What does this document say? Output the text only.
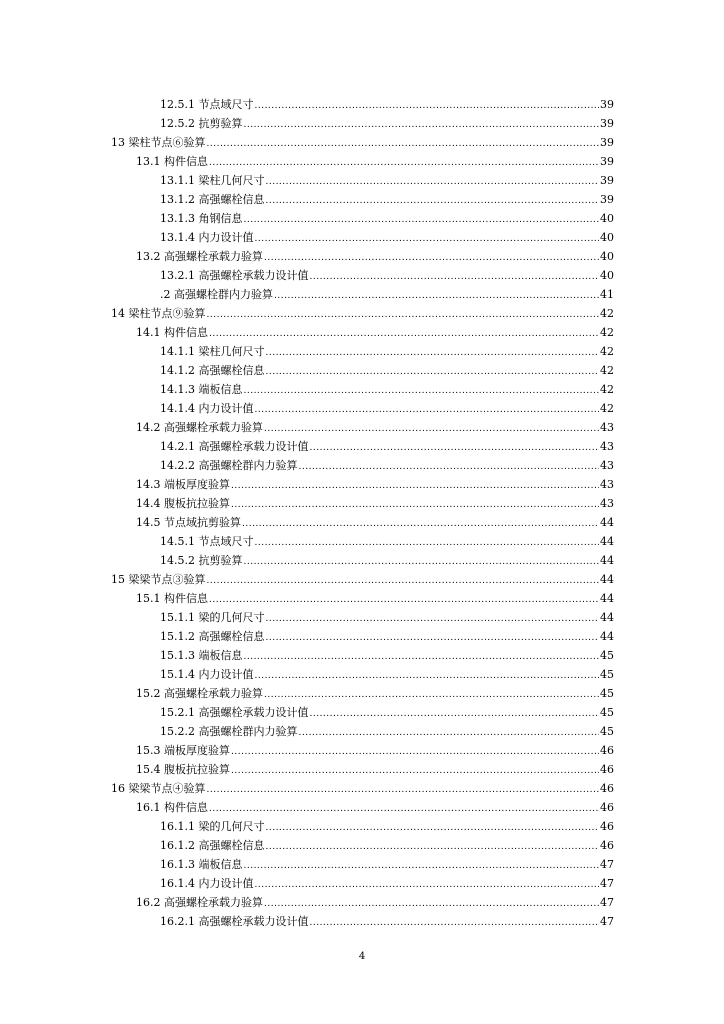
12.5.1 节点域尺寸 .....	39
12.5.2 抗剪验算 .....	39
13 梁柱节点⑥验算 .....	39
13.1 构件信息 .....	39
13.1.1 梁柱几何尺寸 .....	39
13.1.2 高强螺栓信息 .....	39
13.1.3 角钢信息 .....	40
13.1.4 内力设计值 .....	40
13.2 高强螺栓承载力验算 .....	40
13.2.1 高强螺栓承载力设计值 .....	40
.2 高强螺栓群内力验算 .....	41
14 梁柱节点⑨验算 .....	42
14.1 构件信息 .....	42
14.1.1 梁柱几何尺寸 .....	42
14.1.2 高强螺栓信息 .....	42
14.1.3 端板信息 .....	42
14.1.4 内力设计值 .....	42
14.2 高强螺栓承载力验算 .....	43
14.2.1 高强螺栓承载力设计值 .....	43
14.2.2 高强螺栓群内力验算 .....	43
14.3 端板厚度验算 .....	43
14.4 腹板抗拉验算 .....	43
14.5 节点域抗剪验算 .....	44
14.5.1 节点域尺寸 .....	44
14.5.2 抗剪验算 .....	44
15 梁梁节点③验算 .....	44
15.1 构件信息 .....	44
15.1.1 梁的几何尺寸 .....	44
15.1.2 高强螺栓信息 .....	44
15.1.3 端板信息 .....	45
15.1.4 内力设计值 .....	45
15.2 高强螺栓承载力验算 .....	45
15.2.1 高强螺栓承载力设计值 .....	45
15.2.2 高强螺栓群内力验算 .....	45
15.3 端板厚度验算 .....	46
15.4 腹板抗拉验算 .....	46
16 梁梁节点④验算 .....	46
16.1 构件信息 .....	46
16.1.1 梁的几何尺寸 .....	46
16.1.2 高强螺栓信息 .....	46
16.1.3 端板信息 .....	47
16.1.4 内力设计值 .....	47
16.2 高强螺栓承载力验算 .....	47
16.2.1 高强螺栓承载力设计值 .....	47
4
